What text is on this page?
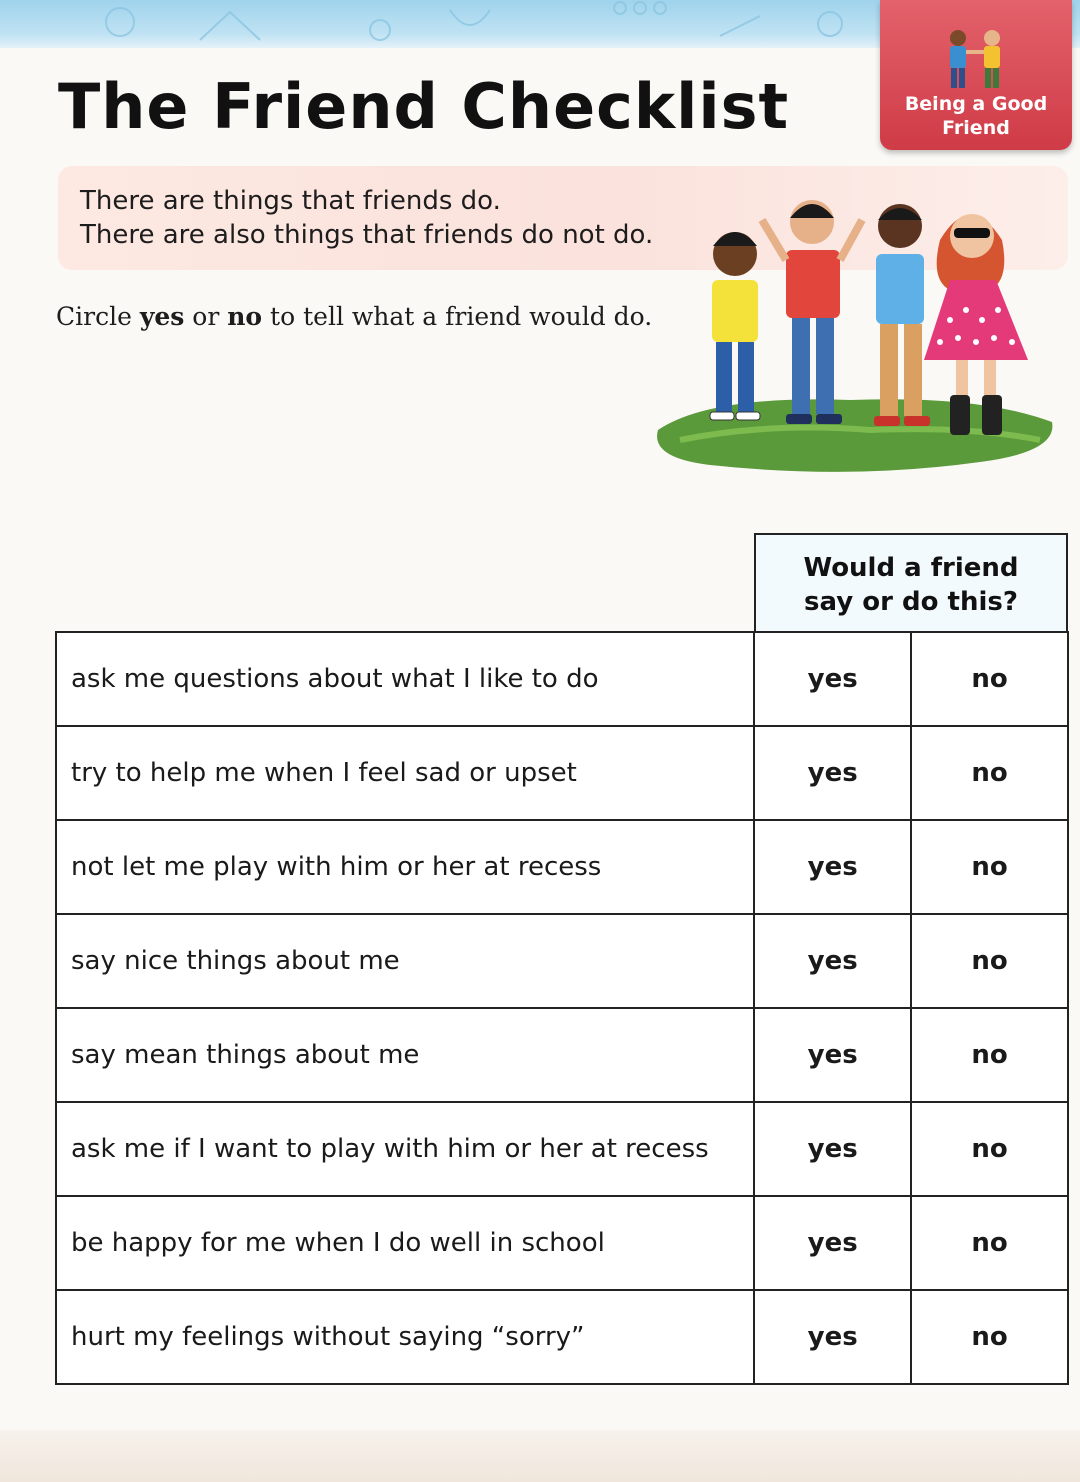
Being a Good
Friend
The Friend Checklist
There are things that friends do.
There are also things that friends do not do.
Circle yes or no to tell what a friend would do.
Would a friend
say or do this?
ask me questions about what I like to do	yes	no
try to help me when I feel sad or upset	yes	no
not let me play with him or her at recess	yes	no
say nice things about me	yes	no
say mean things about me	yes	no
ask me if I want to play with him or her at recess	yes	no
be happy for me when I do well in school	yes	no
hurt my feelings without saying “sorry”	yes	no
